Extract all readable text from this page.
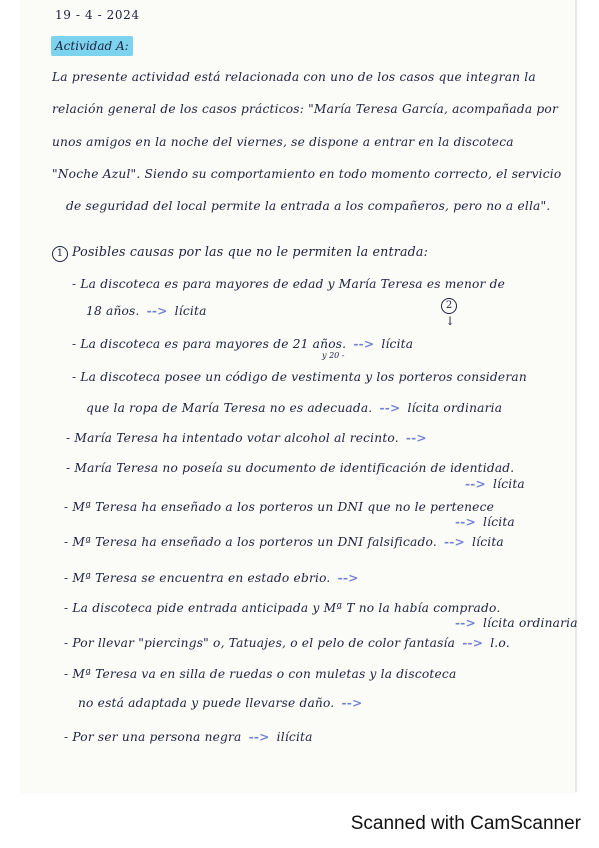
19 - 4 - 2024
Actividad A:
La presente actividad está relacionada con uno de los casos que integran la
relación general de los casos prácticos: "María Teresa García, acompañada por
unos amigos en la noche del viernes, se dispone a entrar en la discoteca
"Noche Azul". Siendo su comportamiento en todo momento correcto, el servicio
de seguridad del local permite la entrada a los compañeros, pero no a ella".
1 Posibles causas por las que no le permiten la entrada:
- La discoteca es para mayores de edad y María Teresa es menor de
18 años. --> lícita	2
↓
- La discoteca es para mayores de 21 años. --> lícita
y 20 -
- La discoteca posee un código de vestimenta y los porteros consideran
que la ropa de María Teresa no es adecuada. --> lícita ordinaria
- María Teresa ha intentado votar alcohol al recinto. -->
- María Teresa no poseía su documento de identificación de identidad.
--> lícita
- Mª Teresa ha enseñado a los porteros un DNI que no le pertenece
--> lícita
- Mª Teresa ha enseñado a los porteros un DNI falsificado. --> lícita
- Mª Teresa se encuentra en estado ebrio. -->
- La discoteca pide entrada anticipada y Mª T no la había comprado.
--> lícita ordinaria
- Por llevar "piercings" o, Tatuajes, o el pelo de color fantasía --> l.o.
- Mª Teresa va en silla de ruedas o con muletas y la discoteca
no está adaptada y puede llevarse daño. -->
- Por ser una persona negra --> ilícita
Scanned with CamScanner
